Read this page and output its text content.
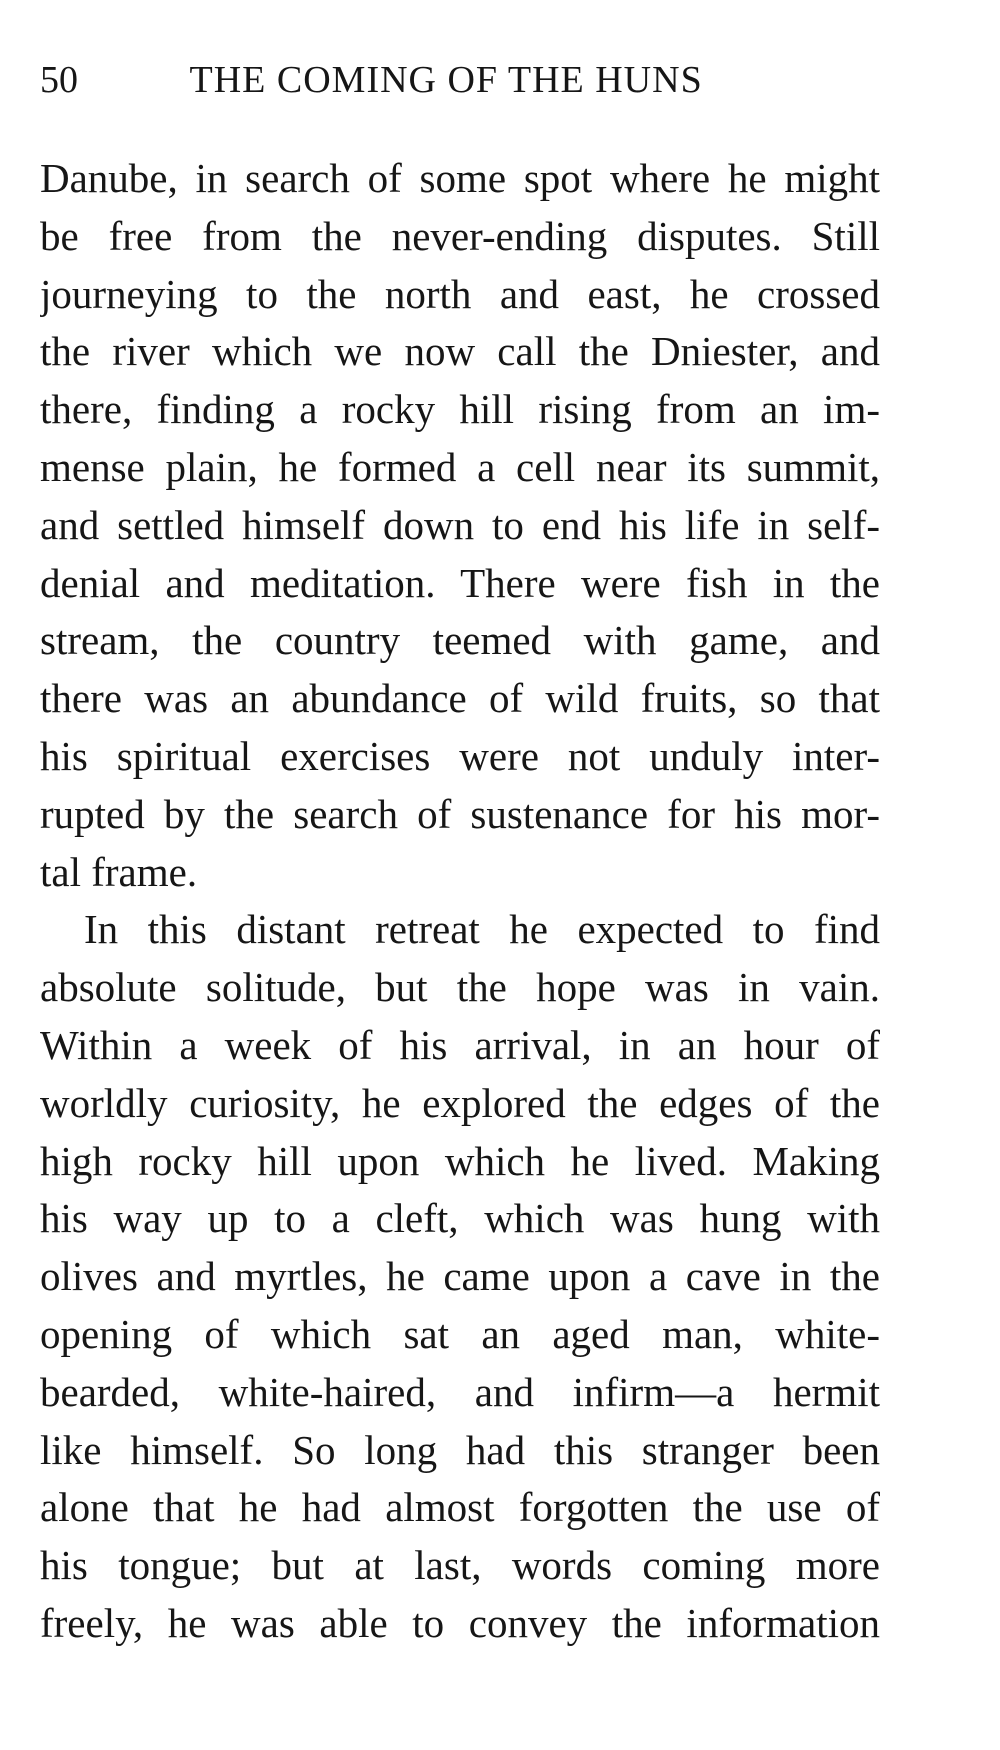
50	THE COMING OF THE HUNS
Danube, in search of some spot where he might
be free from the never-ending disputes. Still
journeying to the north and east, he crossed
the river which we now call the Dniester, and
there, finding a rocky hill rising from an im-
mense plain, he formed a cell near its summit,
and settled himself down to end his life in self-
denial and meditation. There were fish in the
stream, the country teemed with game, and
there was an abundance of wild fruits, so that
his spiritual exercises were not unduly inter-
rupted by the search of sustenance for his mor-
tal frame.
In this distant retreat he expected to find
absolute solitude, but the hope was in vain.
Within a week of his arrival, in an hour of
worldly curiosity, he explored the edges of the
high rocky hill upon which he lived. Making
his way up to a cleft, which was hung with
olives and myrtles, he came upon a cave in the
opening of which sat an aged man, white-
bearded, white-haired, and infirm—a hermit
like himself. So long had this stranger been
alone that he had almost forgotten the use of
his tongue; but at last, words coming more
freely, he was able to convey the information
